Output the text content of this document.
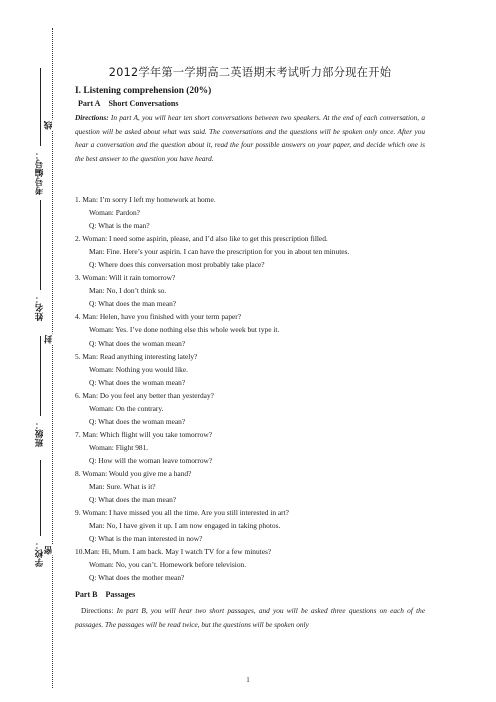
考号编号：
姓名：
班级：
学校：
线
封
密
2012学年第一学期高二英语期末考试听力部分现在开始
I. Listening comprehension (20%)
Part A Short Conversations
Directions: In part A, you will hear ten short conversations between two speakers. At the end of each conversation, a question will be asked about what was said. The conversations and the questions will be spoken only once. After you hear a conversation and the question about it, read the four possible answers on your paper, and decide which one is the best answer to the question you have heard.
1. Man: I’m sorry I left my homework at home.
Woman: Pardon?
Q: What is the man?
2. Woman: I need some aspirin, please, and I’d also like to get this prescription filled.
Man: Fine. Here’s your aspirin. I can have the prescription for you in about ten minutes.
Q: Where does this conversation most probably take place?
3. Woman: Will it rain tomorrow?
Man: No, I don’t think so.
Q: What does the man mean?
4. Man: Helen, have you finished with your term paper?
Woman: Yes. I’ve done nothing else this whole week but type it.
Q: What does the woman mean?
5. Man: Read anything interesting lately?
Woman: Nothing you would like.
Q: What does the woman mean?
6. Man: Do you feel any better than yesterday?
Woman: On the contrary.
Q: What does the woman mean?
7. Man: Which flight will you take tomorrow?
Woman: Flight 981.
Q: How will the woman leave tomorrow?
8. Woman: Would you give me a hand?
Man: Sure. What is it?
Q: What does the man mean?
9. Woman: I have missed you all the time. Are you still interested in art?
Man: No, I have given it up. I am now engaged in taking photos.
Q: What is the man interested in now?
10.Man: Hi, Mum. I am back. May I watch TV for a few minutes?
Woman: No, you can’t. Homework before television.
Q: What does the mother mean?
Part B Passages
Directions: In part B, you will hear two short passages, and you will be asked three questions on each of the passages. The passages will be read twice, but the questions will be spoken only
1
